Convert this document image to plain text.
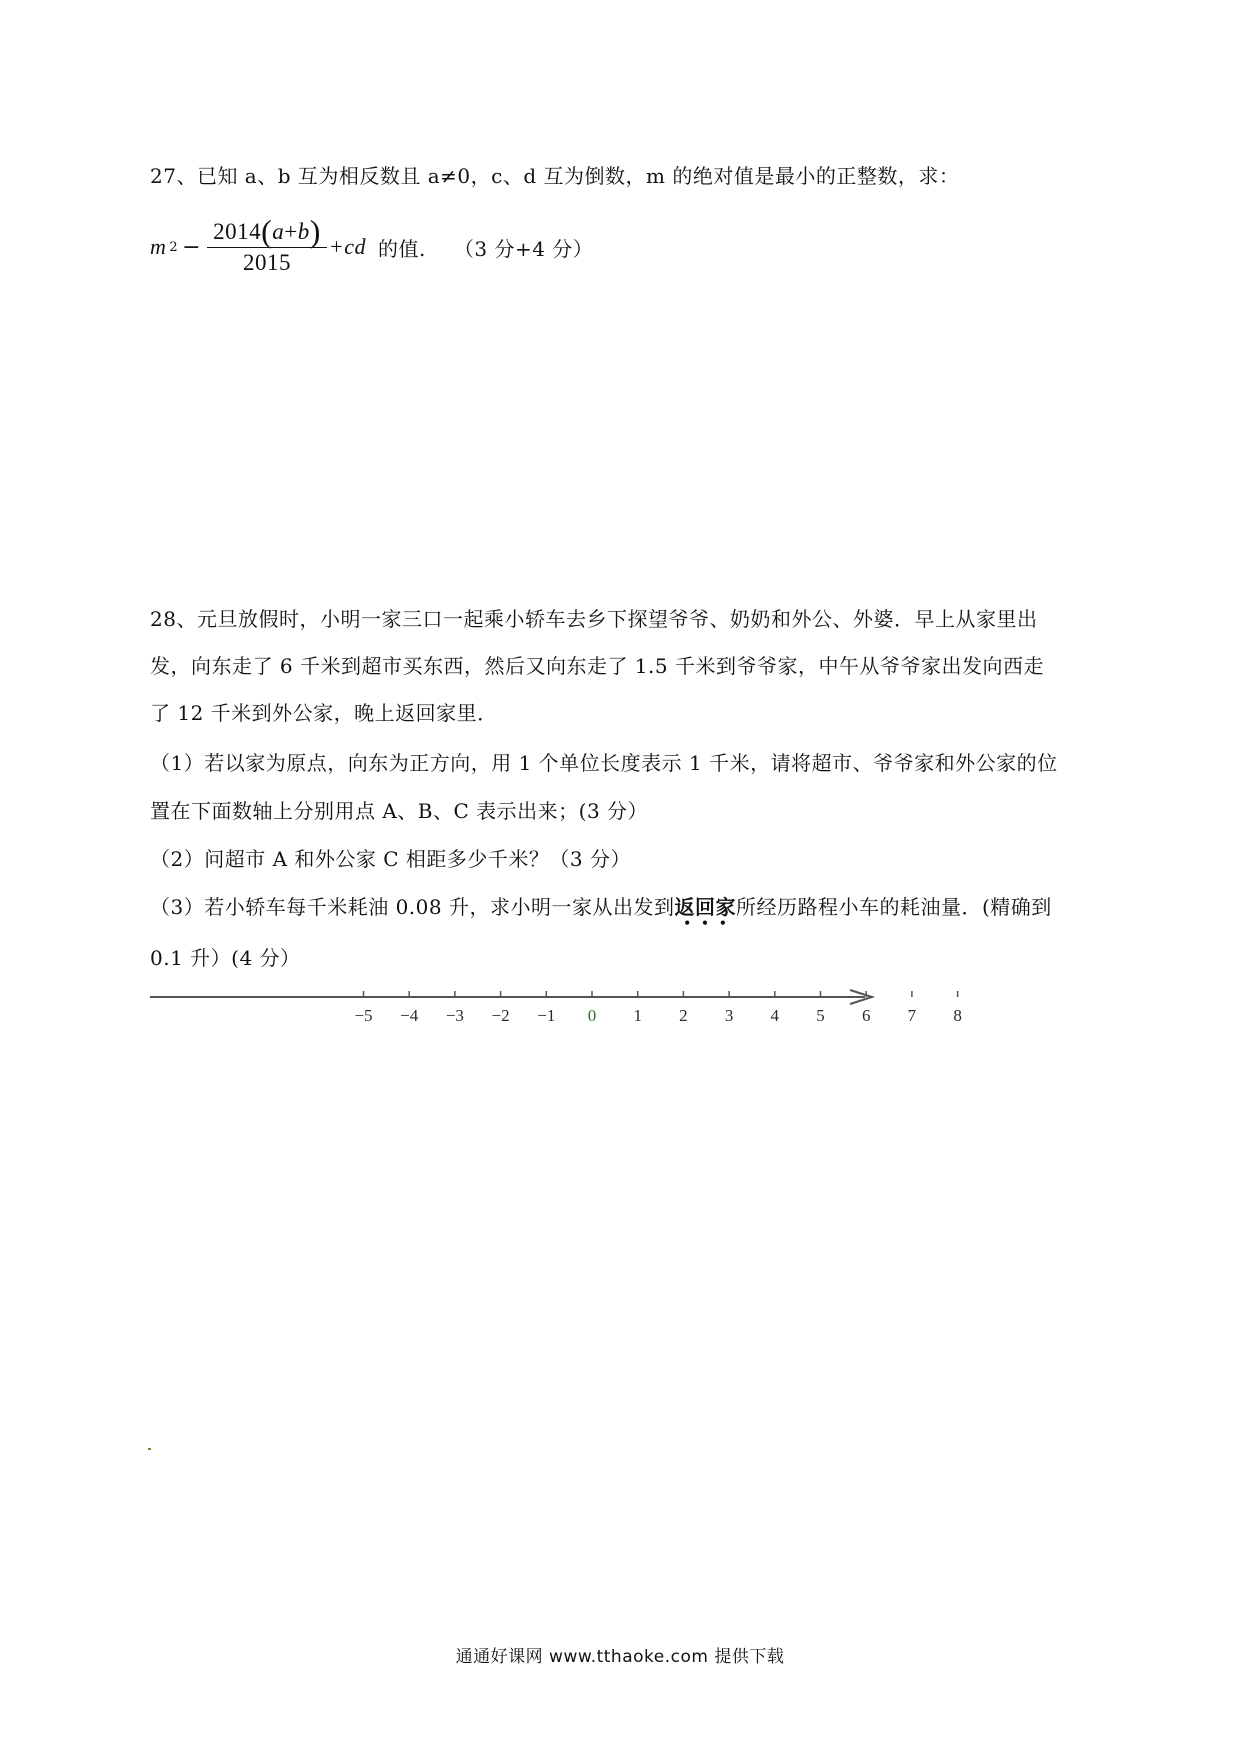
27、已知 a、b 互为相反数且 a≠0，c、d 互为倒数，m 的绝对值是最小的正整数，求：
m $2 - \frac{2014(a+b)}{2015} +cd$ 的值. （3 分+4 分）
28、元旦放假时，小明一家三口一起乘小轿车去乡下探望爷爷、奶奶和外公、外婆．早上从家里出
发，向东走了 6 千米到超市买东西，然后又向东走了 1.5 千米到爷爷家，中午从爷爷家出发向西走
了 12 千米到外公家，晚上返回家里．
（1）若以家为原点，向东为正方向，用 1 个单位长度表示 1 千米，请将超市、爷爷家和外公家的位
置在下面数轴上分别用点 A、B、C 表示出来；(3 分）
（2）问超市 A 和外公家 C 相距多少千米？（3 分）
（3）若小轿车每千米耗油 0.08 升，求小明一家从出发到返回家
• • •
所经历路程小车的耗油量．(精确到
0.1 升）(4 分）
−5 −4 −3 −2 −1 0 1 2 3 4 5 6 7 8
通通好课网 www.tthaoke.com 提供下载
